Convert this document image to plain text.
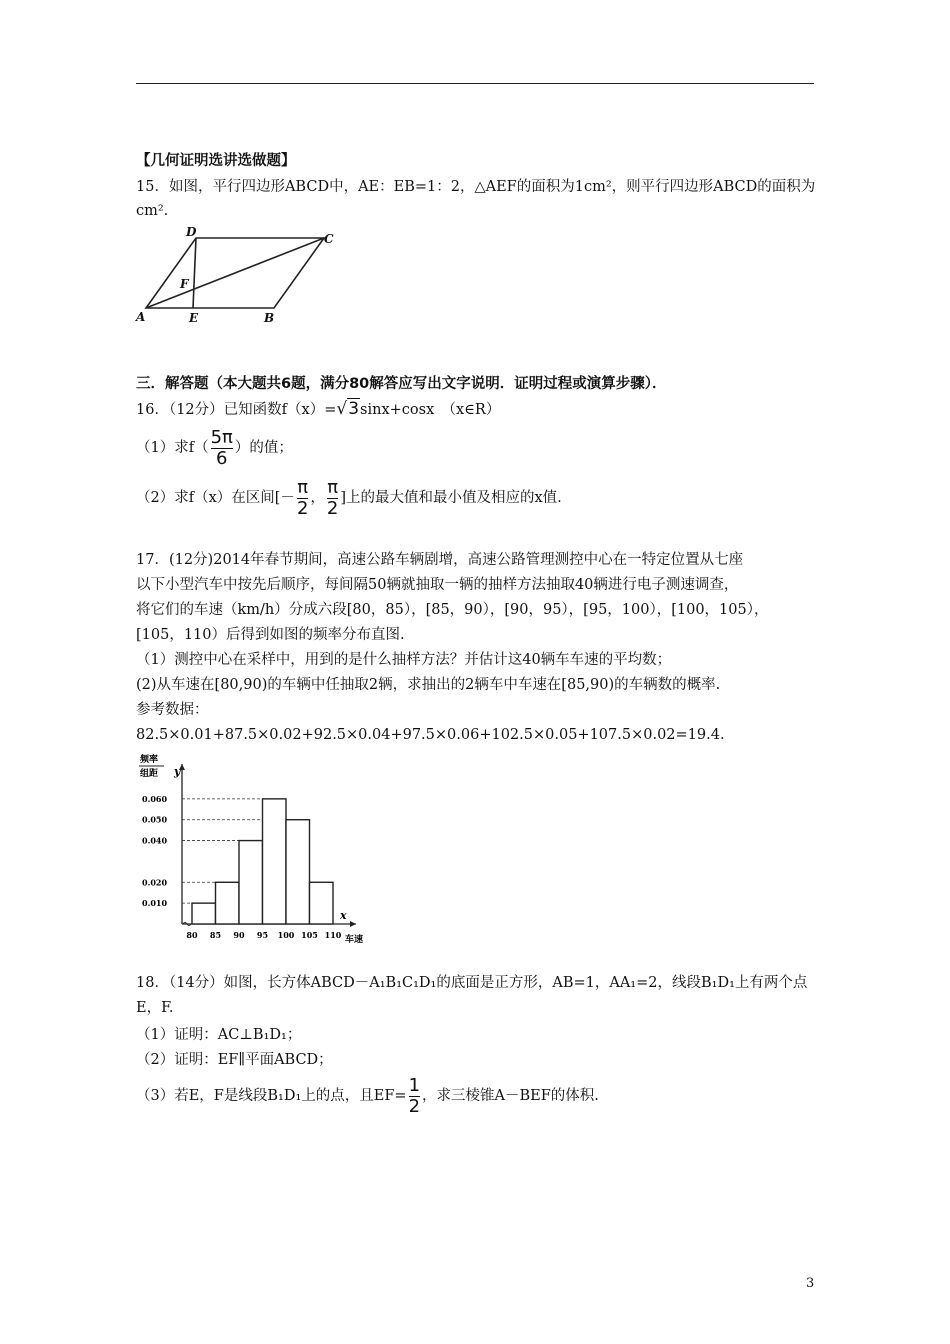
【几何证明选讲选做题】
15．如图，平行四边形ABCD中，AE：EB=1：2，△AEF的面积为1cm²，则平行四边形ABCD的面积为
cm².
A	E	B
C
D
F
三．解答题（本大题共6题，满分80解答应写出文字说明．证明过程或演算步骤）．
16．（12分）已知函数f（x）=√3sinx+cosx　（x∈R）
（1）求$f( \frac{5\pi}{6}$ ）的值；
（2）求f（x）在区间[－ $\frac{\pi}{2}$ ， $\frac{\pi}{2}$ ]上的最大值和最小值及相应的x值.
17．(12分)2014年春节期间，高速公路车辆剧增，高速公路管理测控中心在一特定位置从七座
以下小型汽车中按先后顺序，每间隔50辆就抽取一辆的抽样方法抽取40辆进行电子测速调查，
将它们的车速（km/h）分成六段[80，85），[85，90），[90，95），[95，100），[100，105），
[105，110）后得到如图的频率分布直图.
（1）测控中心在采样中，用到的是什么抽样方法？并估计这40辆车车速的平均数；
(2)从车速在[80,90)的车辆中任抽取2辆，求抽出的2辆车中车速在[85,90)的车辆数的概率.
参考数据：
82.5×0.01+87.5×0.02+92.5×0.04+97.5×0.06+102.5×0.05+107.5×0.02=19.4.
频率
组距 y
x
车速
0.060
0.050
0.040
0.020
0.010
80 85 90 95 100 105 110
18．（14分）如图，长方体ABCD－A₁B₁C₁D₁的底面是正方形，AB=1，AA₁=2，线段B₁D₁上有两个点
E，F.
（1）证明：AC⊥B₁D₁；
（2）证明：EF∥平面ABCD；
（3）若E，F是线段B₁D₁上的点，且$EF= \frac{1}{2}$ ，求三棱锥A－BEF的体积.
3
